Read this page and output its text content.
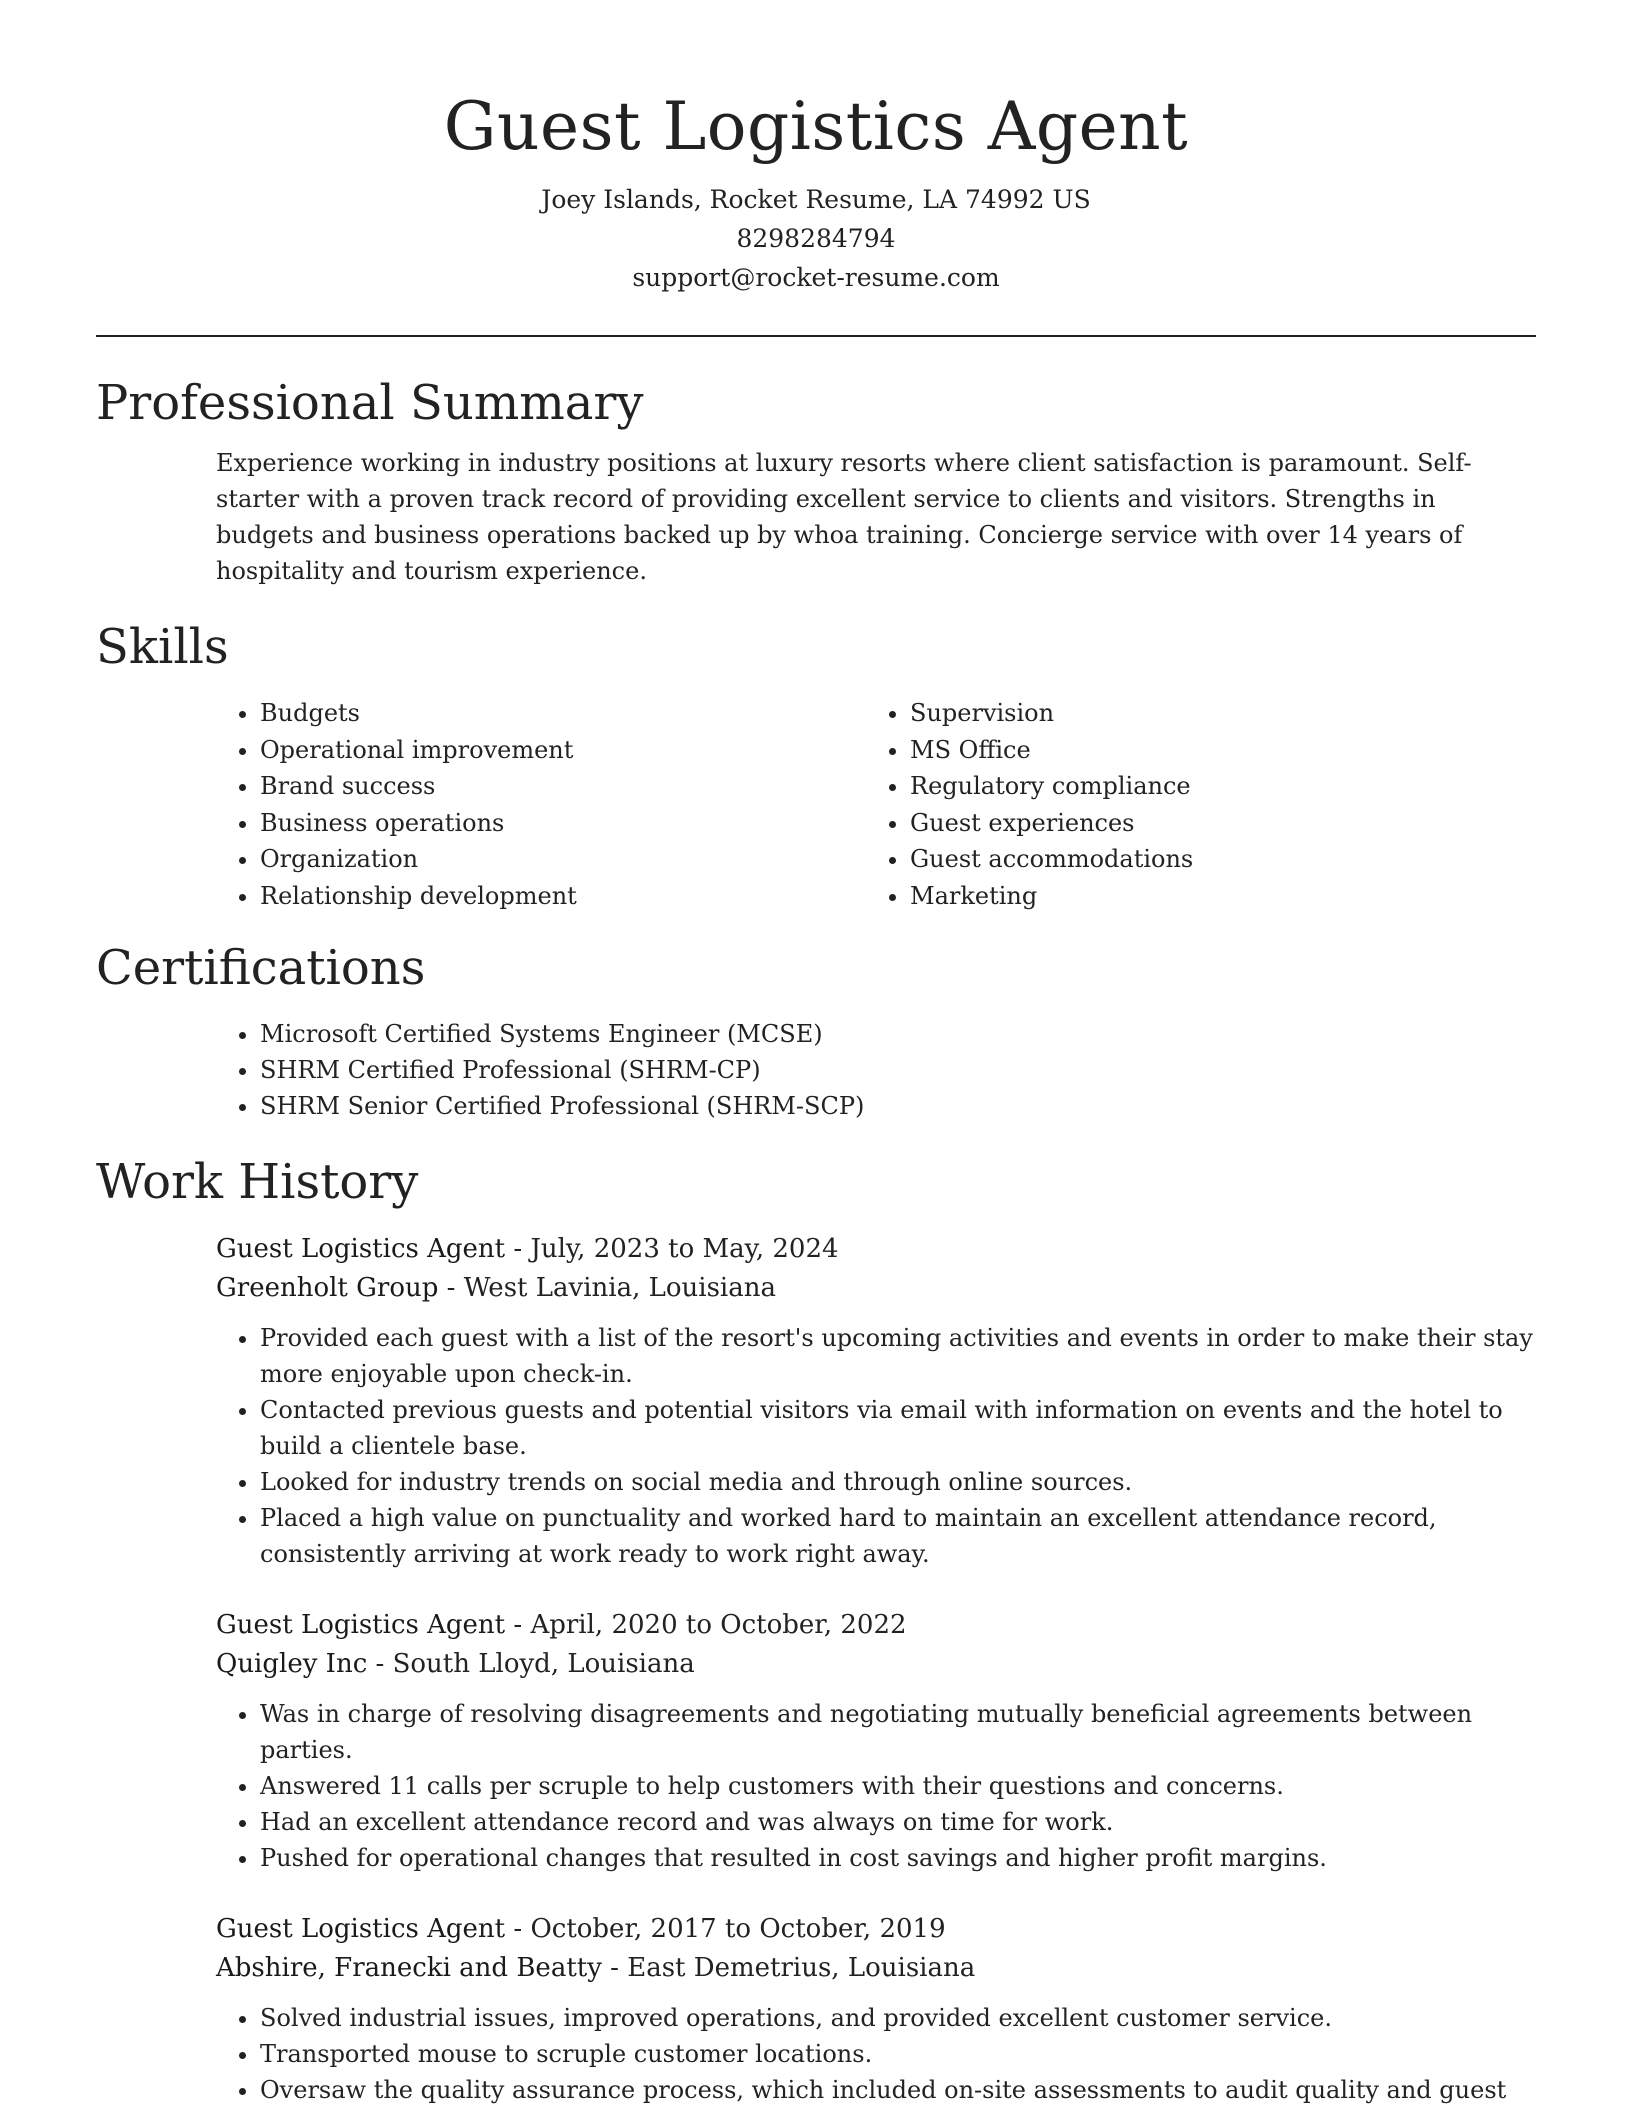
Guest Logistics Agent

Joey Islands, Rocket Resume, LA 74992 US

8298284794

support@rocket-resume.com

Professional Summary

Experience working in industry positions at luxury resorts where client satisfaction is paramount. Self-starter with a proven track record of providing excellent service to clients and visitors. Strengths in budgets and business operations backed up by whoa training. Concierge service with over 14 years of hospitality and tourism experience.

Skills
• Budgets
• Operational improvement
• Brand success
• Business operations
• Organization
• Relationship development
• Supervision
• MS Office
• Regulatory compliance
• Guest experiences
• Guest accommodations
• Marketing
Certifications
• Microsoft Certified Systems Engineer (MCSE)
• SHRM Certified Professional (SHRM-CP)
• SHRM Senior Certified Professional (SHRM-SCP)
Work History

Guest Logistics Agent - July, 2023 to May, 2024

Greenholt Group - West Lavinia, Louisiana

• Provided each guest with a list of the resort's upcoming activities and events in order to make their stay more enjoyable upon check-in.
• Contacted previous guests and potential visitors via email with information on events and the hotel to build a clientele base.
• Looked for industry trends on social media and through online sources.
• Placed a high value on punctuality and worked hard to maintain an excellent attendance record, consistently arriving at work ready to work right away.

Guest Logistics Agent - April, 2020 to October, 2022

Quigley Inc - South Lloyd, Louisiana

• Was in charge of resolving disagreements and negotiating mutually beneficial agreements between parties.
• Answered 11 calls per scruple to help customers with their questions and concerns.
• Had an excellent attendance record and was always on time for work.
• Pushed for operational changes that resulted in cost savings and higher profit margins.

Guest Logistics Agent - October, 2017 to October, 2019

Abshire, Franecki and Beatty - East Demetrius, Louisiana

• Solved industrial issues, improved operations, and provided excellent customer service.
• Transported mouse to scruple customer locations.
• Oversaw the quality assurance process, which included on-site assessments to audit quality and guest
